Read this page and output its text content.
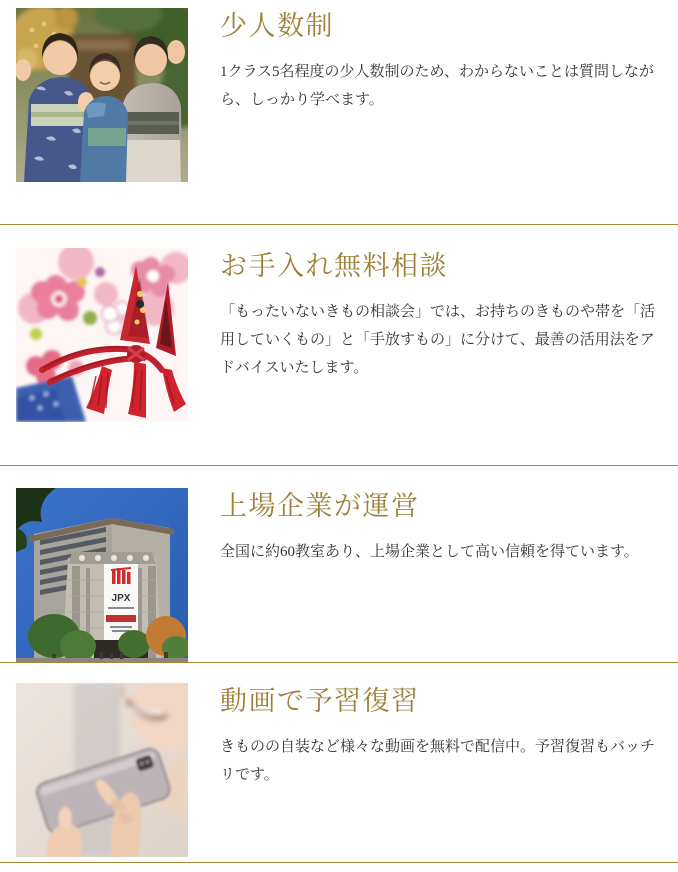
少人数制

1クラス5名程度の少人数制のため、わからないことは質問しながら、しっかり学べます。

お手入れ無料相談

「もったいないきもの相談会」では、お持ちのきものや帯を「活用していくもの」と「手放すもの」に分けて、最善の活用法をアドバイスいたします。

JPX
上場企業が運営

全国に約60教室あり、上場企業として高い信頼を得ています。

動画で予習復習

きものの自装など様々な動画を無料で配信中。予習復習もバッチリです。
